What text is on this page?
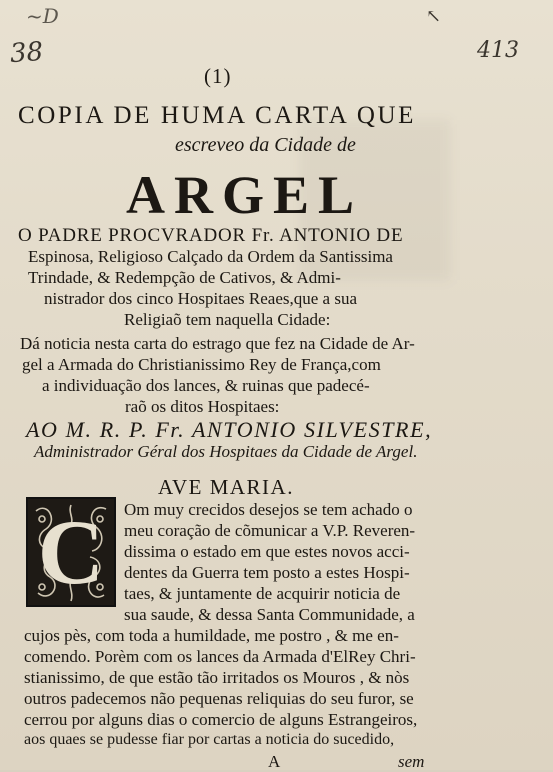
~D
38	413
↖
(1)
COPIA DE HUMA CARTA QUE
escreveo da Cidade de
ARGEL
O PADRE PROCVRADOR Fr. ANTONIO DE
Espinosa, Religioso Calçado da Ordem da Santissima
Trindade, & Redempção de Cativos, & Admi-
nistrador dos cinco Hospitaes Reaes,que a sua
Religiaõ tem naquella Cidade:
Dá noticia nesta carta do estrago que fez na Cidade de Ar-
gel a Armada do Christianissimo Rey de França,com
a individuação dos lances, & ruinas que padecé-
raõ os ditos Hospitaes:
AO M. R. P. Fr. ANTONIO SILVESTRE,
Administrador Géral dos Hospitaes da Cidade de Argel.
AVE MARIA.
C Om muy crecidos desejos se tem achado o
meu coração de cõmunicar a V.P. Reveren-
dissima o estado em que estes novos acci-
dentes da Guerra tem posto a estes Hospi-
taes, & juntamente de acquirir noticia de
sua saude, & dessa Santa Communidade, a
cujos pès, com toda a humildade, me postro , & me en-
comendo. Porèm com os lances da Armada d'ElRey Chri-
stianissimo, de que estão tão irritados os Mouros , & nòs
outros padecemos não pequenas reliquias do seu furor, se
cerrou por alguns dias o comercio de alguns Estrangeiros,
aos quaes se pudesse fiar por cartas a noticia do sucedido,
A	sem
